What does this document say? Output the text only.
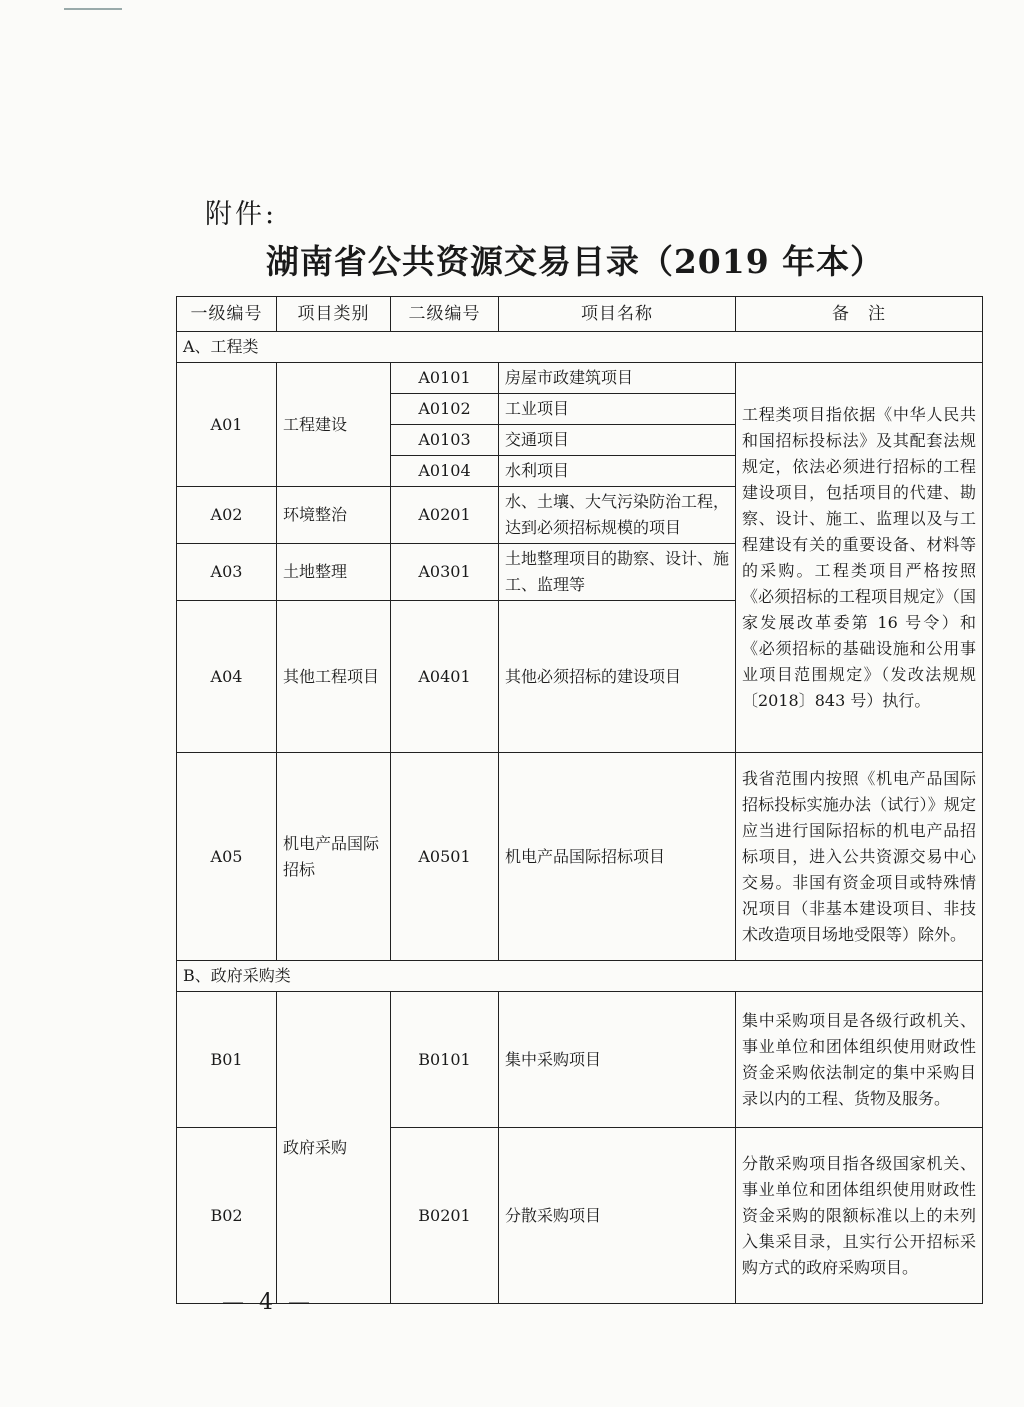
附件:
湖南省公共资源交易目录（2019 年本）
一级编号	项目类别	二级编号	项目名称	备　注
A、工程类				
A01	工程建设	A0101	房屋市政建筑项目	工程类项目指依据《中华人民共和国招标投标法》及其配套法规规定，依法必须进行招标的工程建设项目，包括项目的代建、勘察、设计、施工、监理以及与工程建设有关的重要设备、材料等的采购。工程类项目严格按照《必须招标的工程项目规定》（国家发展改革委第 16 号令）和《必须招标的基础设施和公用事业项目范围规定》（发改法规规〔2018〕843 号）执行。
		A0102	工业项目	
		A0103	交通项目	
		A0104	水利项目	
A02	环境整治	A0201	水、土壤、大气污染防治工程，达到必须招标规模的项目	
A03	土地整理	A0301	土地整理项目的勘察、设计、施工、监理等	
A04	其他工程项目	A0401	其他必须招标的建设项目	
A05	机电产品国际招标	A0501	机电产品国际招标项目	我省范围内按照《机电产品国际招标投标实施办法（试行）》规定应当进行国际招标的机电产品招标项目，进入公共资源交易中心交易。非国有资金项目或特殊情况项目（非基本建设项目、非技术改造项目场地受限等）除外。
B、政府采购类				
B01	政府采购	B0101	集中采购项目	集中采购项目是各级行政机关、事业单位和团体组织使用财政性资金采购依法制定的集中采购目录以内的工程、货物及服务。
B02		B0201	分散采购项目	分散采购项目指各级国家机关、事业单位和团体组织使用财政性资金采购的限额标准以上的未列入集采目录，且实行公开招标采购方式的政府采购项目。
— 4 —
